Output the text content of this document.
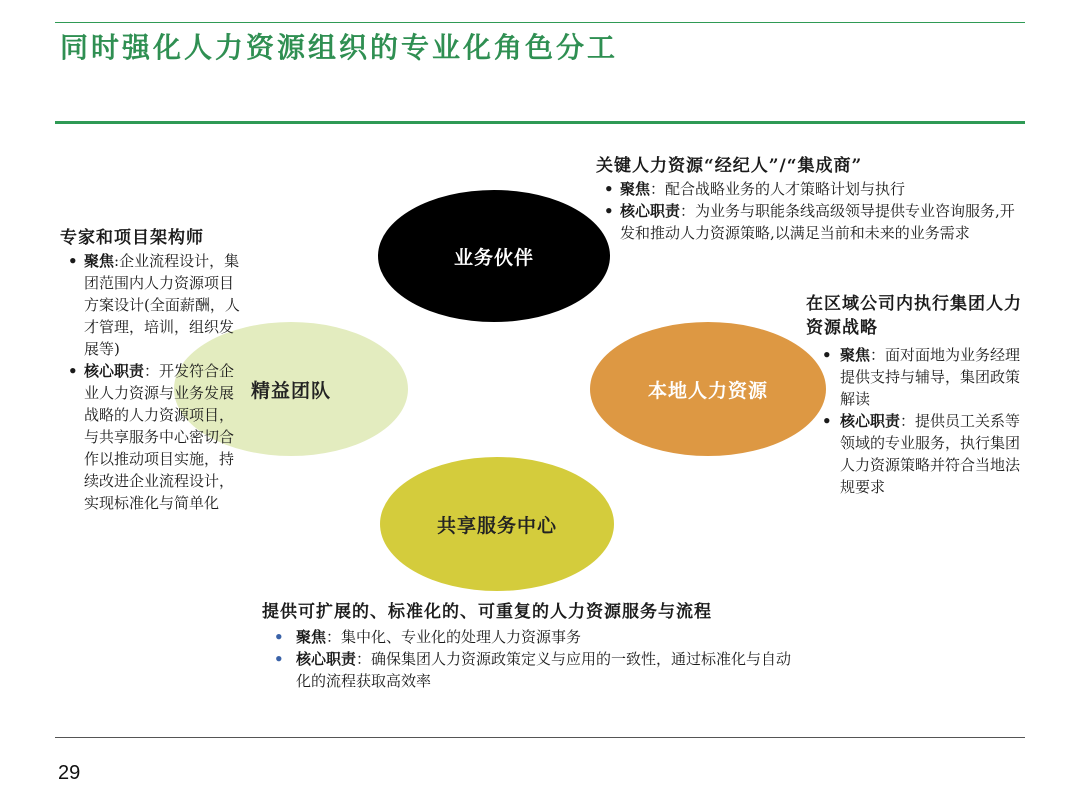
同时强化人力资源组织的专业化角色分工
业务伙伴
精益团队	本地人力资源
共享服务中心
关键人力资源“经纪人”/“集成商”
• 聚焦：配合战略业务的人才策略计划与执行
• 核心职责：为业务与职能条线高级领导提供专业咨询服务,开发和推动人力资源策略,以满足当前和未来的业务需求
专家和项目架构师
• 聚焦:企业流程设计，集团范围内人力资源项目方案设计(全面薪酬，人才管理，培训，组织发展等)
• 核心职责：开发符合企业人力资源与业务发展战略的人力资源项目，与共享服务中心密切合作以推动项目实施，持续改进企业流程设计，实现标准化与简单化
在区域公司内执行集团人力资源战略
• 聚焦：面对面地为业务经理提供支持与辅导，集团政策解读
• 核心职责：提供员工关系等领域的专业服务，执行集团人力资源策略并符合当地法规要求
提供可扩展的、标准化的、可重复的人力资源服务与流程
• 聚焦：集中化、专业化的处理人力资源事务
• 核心职责：确保集团人力资源政策定义与应用的一致性，通过标准化与自动化的流程获取高效率
29
